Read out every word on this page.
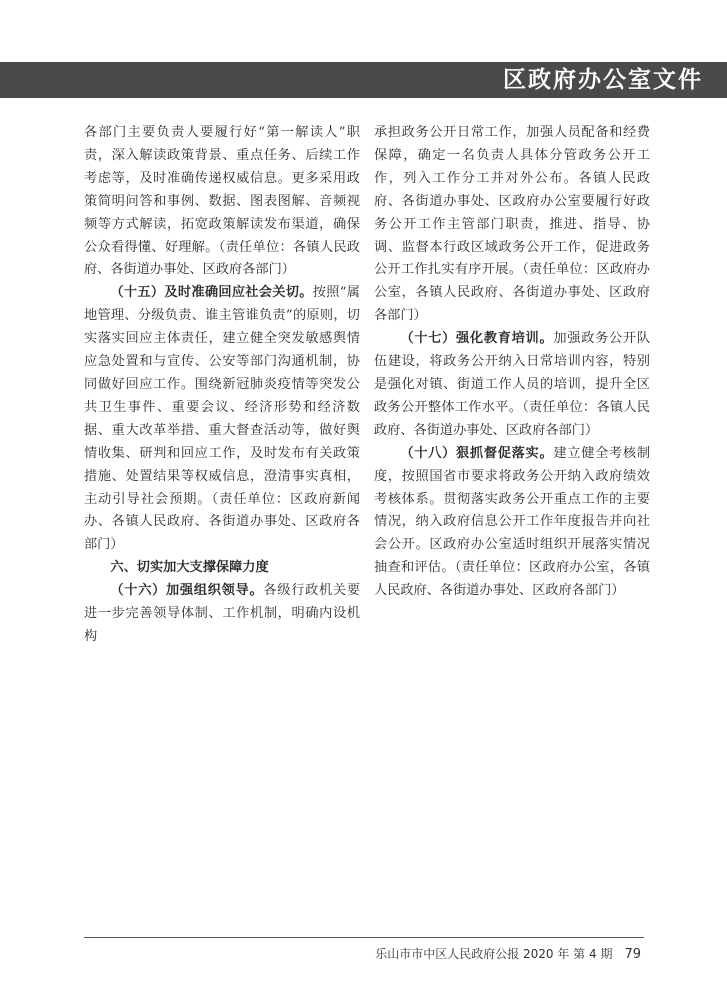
区政府办公室文件

各部门主要负责人要履行好“第一解读人”职责，深入解读政策背景、重点任务、后续工作考虑等，及时准确传递权威信息。更多采用政策简明问答和事例、数据、图表图解、音频视频等方式解读，拓宽政策解读发布渠道，确保公众看得懂、好理解。（责任单位：各镇人民政府、各街道办事处、区政府各部门）

（十五）及时准确回应社会关切。按照“属地管理、分级负责、谁主管谁负责”的原则，切实落实回应主体责任，建立健全突发敏感舆情应急处置和与宣传、公安等部门沟通机制，协同做好回应工作。围绕新冠肺炎疫情等突发公共卫生事件、重要会议、经济形势和经济数据、重大改革举措、重大督查活动等，做好舆情收集、研判和回应工作，及时发布有关政策措施、处置结果等权威信息，澄清事实真相，主动引导社会预期。（责任单位：区政府新闻办、各镇人民政府、各街道办事处、区政府各部门）

六、切实加大支撑保障力度

（十六）加强组织领导。各级行政机关要进一步完善领导体制、工作机制，明确内设机构

承担政务公开日常工作，加强人员配备和经费保障，确定一名负责人具体分管政务公开工作，列入工作分工并对外公布。各镇人民政府、各街道办事处、区政府办公室要履行好政务公开工作主管部门职责，推进、指导、协调、监督本行政区域政务公开工作，促进政务公开工作扎实有序开展。（责任单位：区政府办公室，各镇人民政府、各街道办事处、区政府各部门）

（十七）强化教育培训。加强政务公开队伍建设，将政务公开纳入日常培训内容，特别是强化对镇、街道工作人员的培训，提升全区政务公开整体工作水平。（责任单位：各镇人民政府、各街道办事处、区政府各部门）

（十八）狠抓督促落实。建立健全考核制度，按照国省市要求将政务公开纳入政府绩效考核体系。贯彻落实政务公开重点工作的主要情况，纳入政府信息公开工作年度报告并向社会公开。区政府办公室适时组织开展落实情况抽查和评估。（责任单位：区政府办公室，各镇人民政府、各街道办事处、区政府各部门）

乐山市市中区人民政府公报 2020 年 第 4 期 79
